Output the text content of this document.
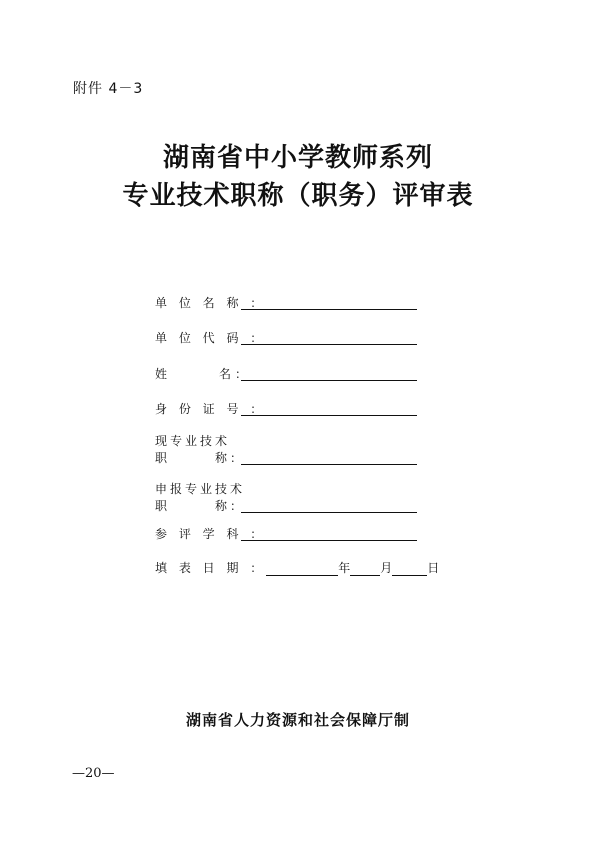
附件 4－3
湖南省中小学教师系列
专业技术职称（职务）评审表
单 位 名 称 ：
单 位 代 码 ：
姓　　　名：
身 份 证 号 ：
现专业技术
职　　　称：
申报专业技术
职　　　称：
参 评 学 科 ：
填 表 日 期 ：	年	月	日
湖南省人力资源和社会保障厅制
—20—
